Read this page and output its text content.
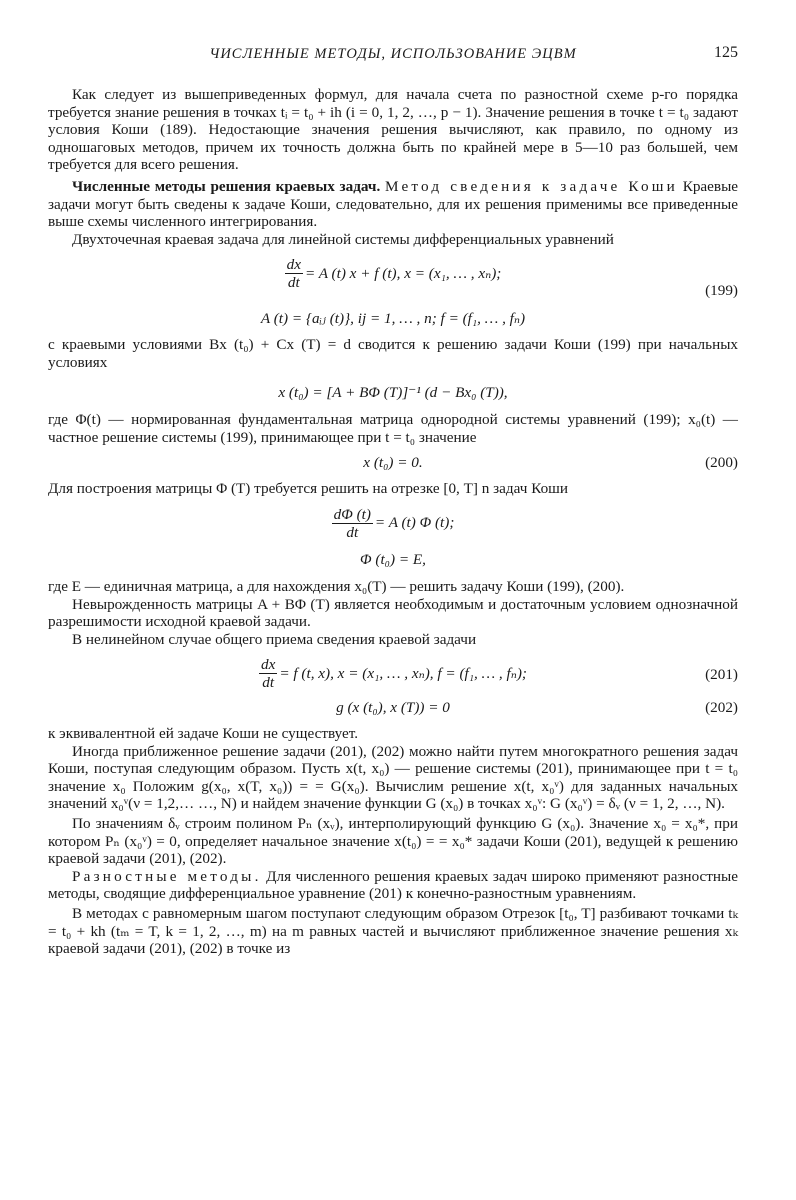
ЧИСЛЕННЫЕ МЕТОДЫ, ИСПОЛЬЗОВАНИЕ ЭЦВМ	125

Как следует из вышеприведенных формул, для начала счета по разностной схеме p-го порядка требуется знание решения в точках tᵢ = t₀ + ih (i = 0, 1, 2, …, p − 1). Значение решения в точке t = t₀ задают условия Коши (189). Недостающие значения решения вычисляют, как правило, по одному из одношаговых методов, причем их точность должна быть по крайней мере в 5—10 раз большей, чем требуется для всего решения.

Численные методы решения краевых задач. Метод сведения к задаче Коши Краевые задачи могут быть сведены к задаче Коши, следовательно, для их решения применимы все приведенные выше схемы численного интегрирования.

Двухточечная краевая задача для линейной системы дифференциальных уравнений

$\frac{dx}{dt} = A$ (t) x + f (t), x = (x₁, … , xₙ);
(199)
A (t) = {aᵢⱼ (t)}, ij = 1, … , n; f = (f₁, … , fₙ)

с краевыми условиями Bx (t₀) + Cx (T) = d сводится к решению задачи Коши (199) при начальных условиях

x (t₀) = [A + BΦ (T)]⁻¹ (d − Bx₀ (T)),

где Φ(t) — нормированная фундаментальная матрица однородной системы уравнений (199); x₀(t) — частное решение системы (199), принимающее при t = t₀ значение

x (t₀) = 0.	(200)

Для построения матрицы Φ (T) требуется решить на отрезке [0, T] n задач Коши

$\frac{d\Phi (t)}{dt} = A$ (t) Φ (t);
Φ (t₀) = E,

где E — единичная матрица, а для нахождения x₀(T) — решить задачу Коши (199), (200).

Невырожденность матрицы A + BΦ (T) является необходимым и достаточным условием однозначной разрешимости исходной краевой задачи.

В нелинейном случае общего приема сведения краевой задачи

$\frac{dx}{dt} = f$ (t, x), x = (x₁, … , xₙ), f = (f₁, … , fₙ);	(201)
g (x (t₀), x (T)) = 0	(202)

к эквивалентной ей задаче Коши не существует.

Иногда приближенное решение задачи (201), (202) можно найти путем многократного решения задач Коши, поступая следующим образом. Пусть x(t, x₀) — решение системы (201), принимающее при t = t₀ значение x₀ Положим g(x₀, x(T, x₀)) = = G(x₀). Вычислим решение x(t, x₀ᵛ) для заданных начальных значений x₀ᵛ(ν = 1,2,… …, N) и найдем значение функции G (x₀) в точках x₀ᵛ: G (x₀ᵛ) = δᵥ (ν = 1, 2, …, N).

По значениям δᵥ строим полином Pₙ (xᵥ), интерполирующий функцию G (x₀). Значение x₀ = x₀*, при котором Pₙ (x₀ᵛ) = 0, определяет начальное значение x(t₀) = = x₀* задачи Коши (201), ведущей к решению краевой задачи (201), (202).

Разностные методы. Для численного решения краевых задач широко применяют разностные методы, сводящие дифференциальное уравнение (201) к конечно-разностным уравнениям.

В методах с равномерным шагом поступают следующим образом Отрезок [t₀, T] разбивают точками tₖ = t₀ + kh (tₘ = T, k = 1, 2, …, m) на m равных частей и вычисляют приближенное значение решения xₖ краевой задачи (201), (202) в точке из
